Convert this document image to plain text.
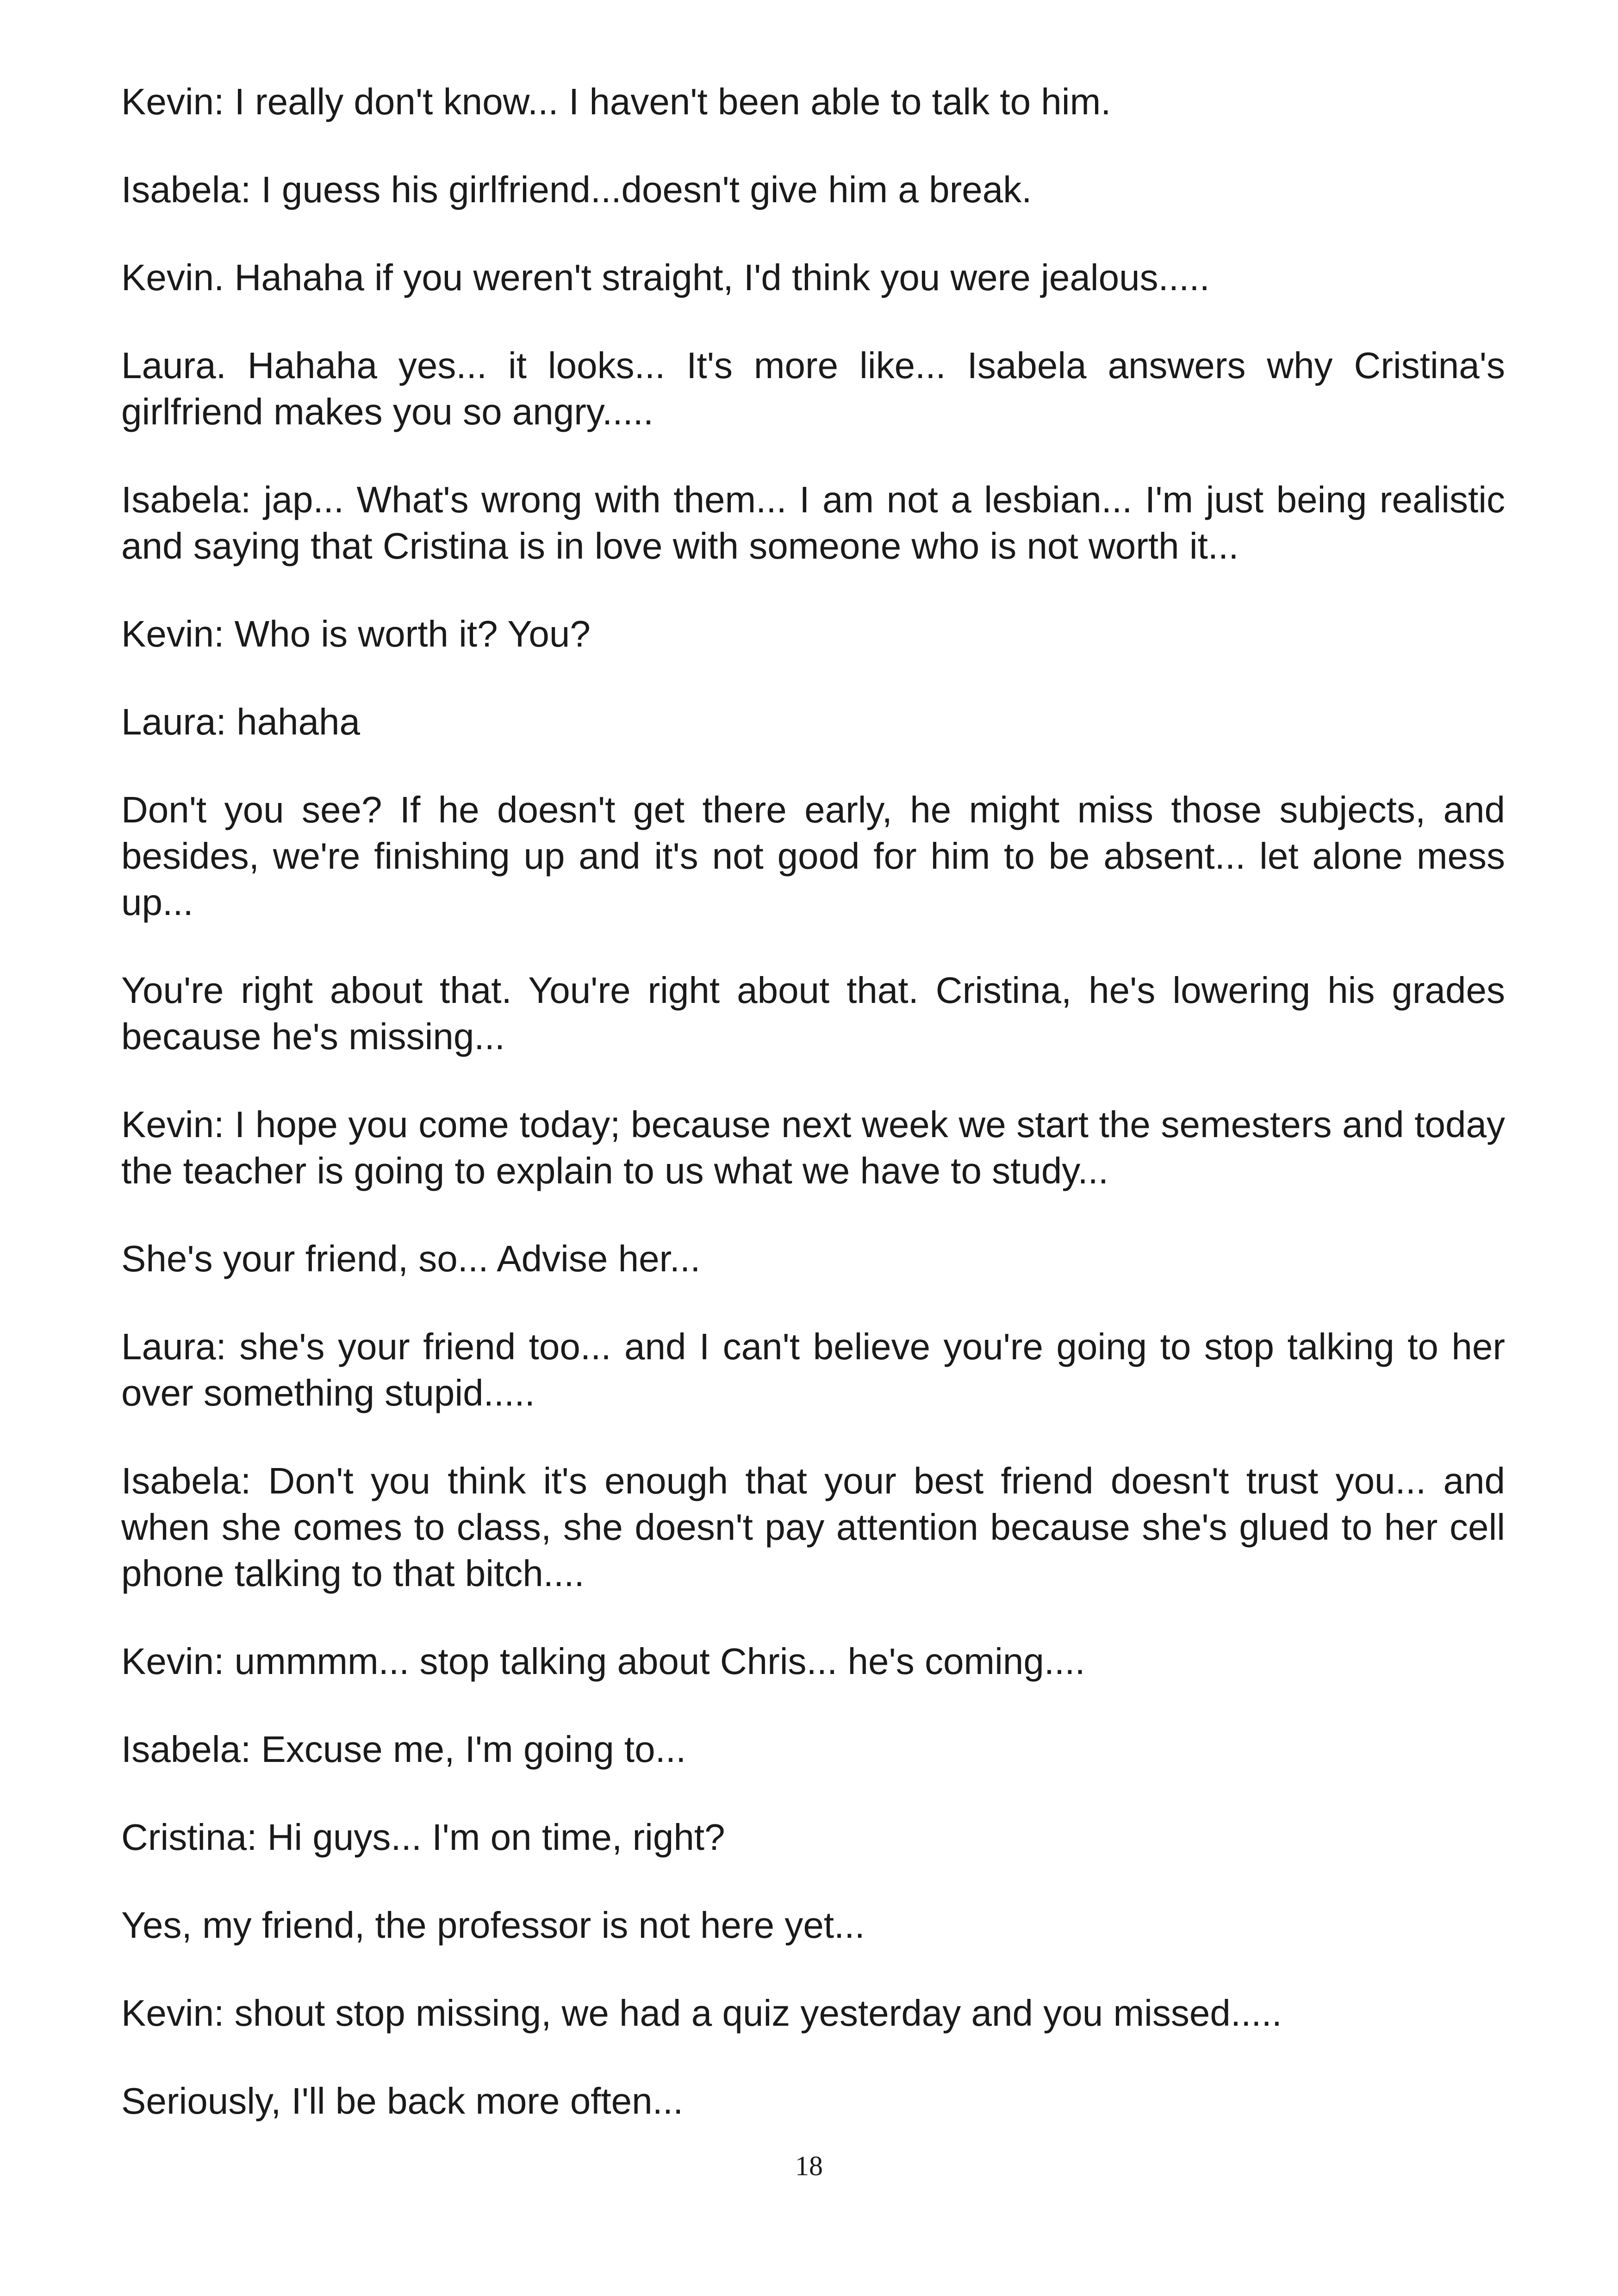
Kevin: I really don't know... I haven't been able to talk to him.

Isabela: I guess his girlfriend...doesn't give him a break.

Kevin. Hahaha if you weren't straight, I'd think you were jealous.....

Laura. Hahaha yes... it looks... It's more like... Isabela answers why Cristina's girlfriend makes you so angry.....

Isabela: jap... What's wrong with them... I am not a lesbian... I'm just being realistic and saying that Cristina is in love with someone who is not worth it...

Kevin: Who is worth it? You?

Laura: hahaha

Don't you see? If he doesn't get there early, he might miss those subjects, and besides, we're finishing up and it's not good for him to be absent... let alone mess up...

You're right about that. You're right about that. Cristina, he's lowering his grades because he's missing...

Kevin: I hope you come today; because next week we start the semesters and today the teacher is going to explain to us what we have to study...

She's your friend, so... Advise her...

Laura: she's your friend too... and I can't believe you're going to stop talking to her over something stupid.....

Isabela: Don't you think it's enough that your best friend doesn't trust you... and when she comes to class, she doesn't pay attention because she's glued to her cell phone talking to that bitch....

Kevin: ummmm... stop talking about Chris... he's coming....

Isabela: Excuse me, I'm going to...

Cristina: Hi guys... I'm on time, right?

Yes, my friend, the professor is not here yet...

Kevin: shout stop missing, we had a quiz yesterday and you missed.....

Seriously, I'll be back more often...

18
